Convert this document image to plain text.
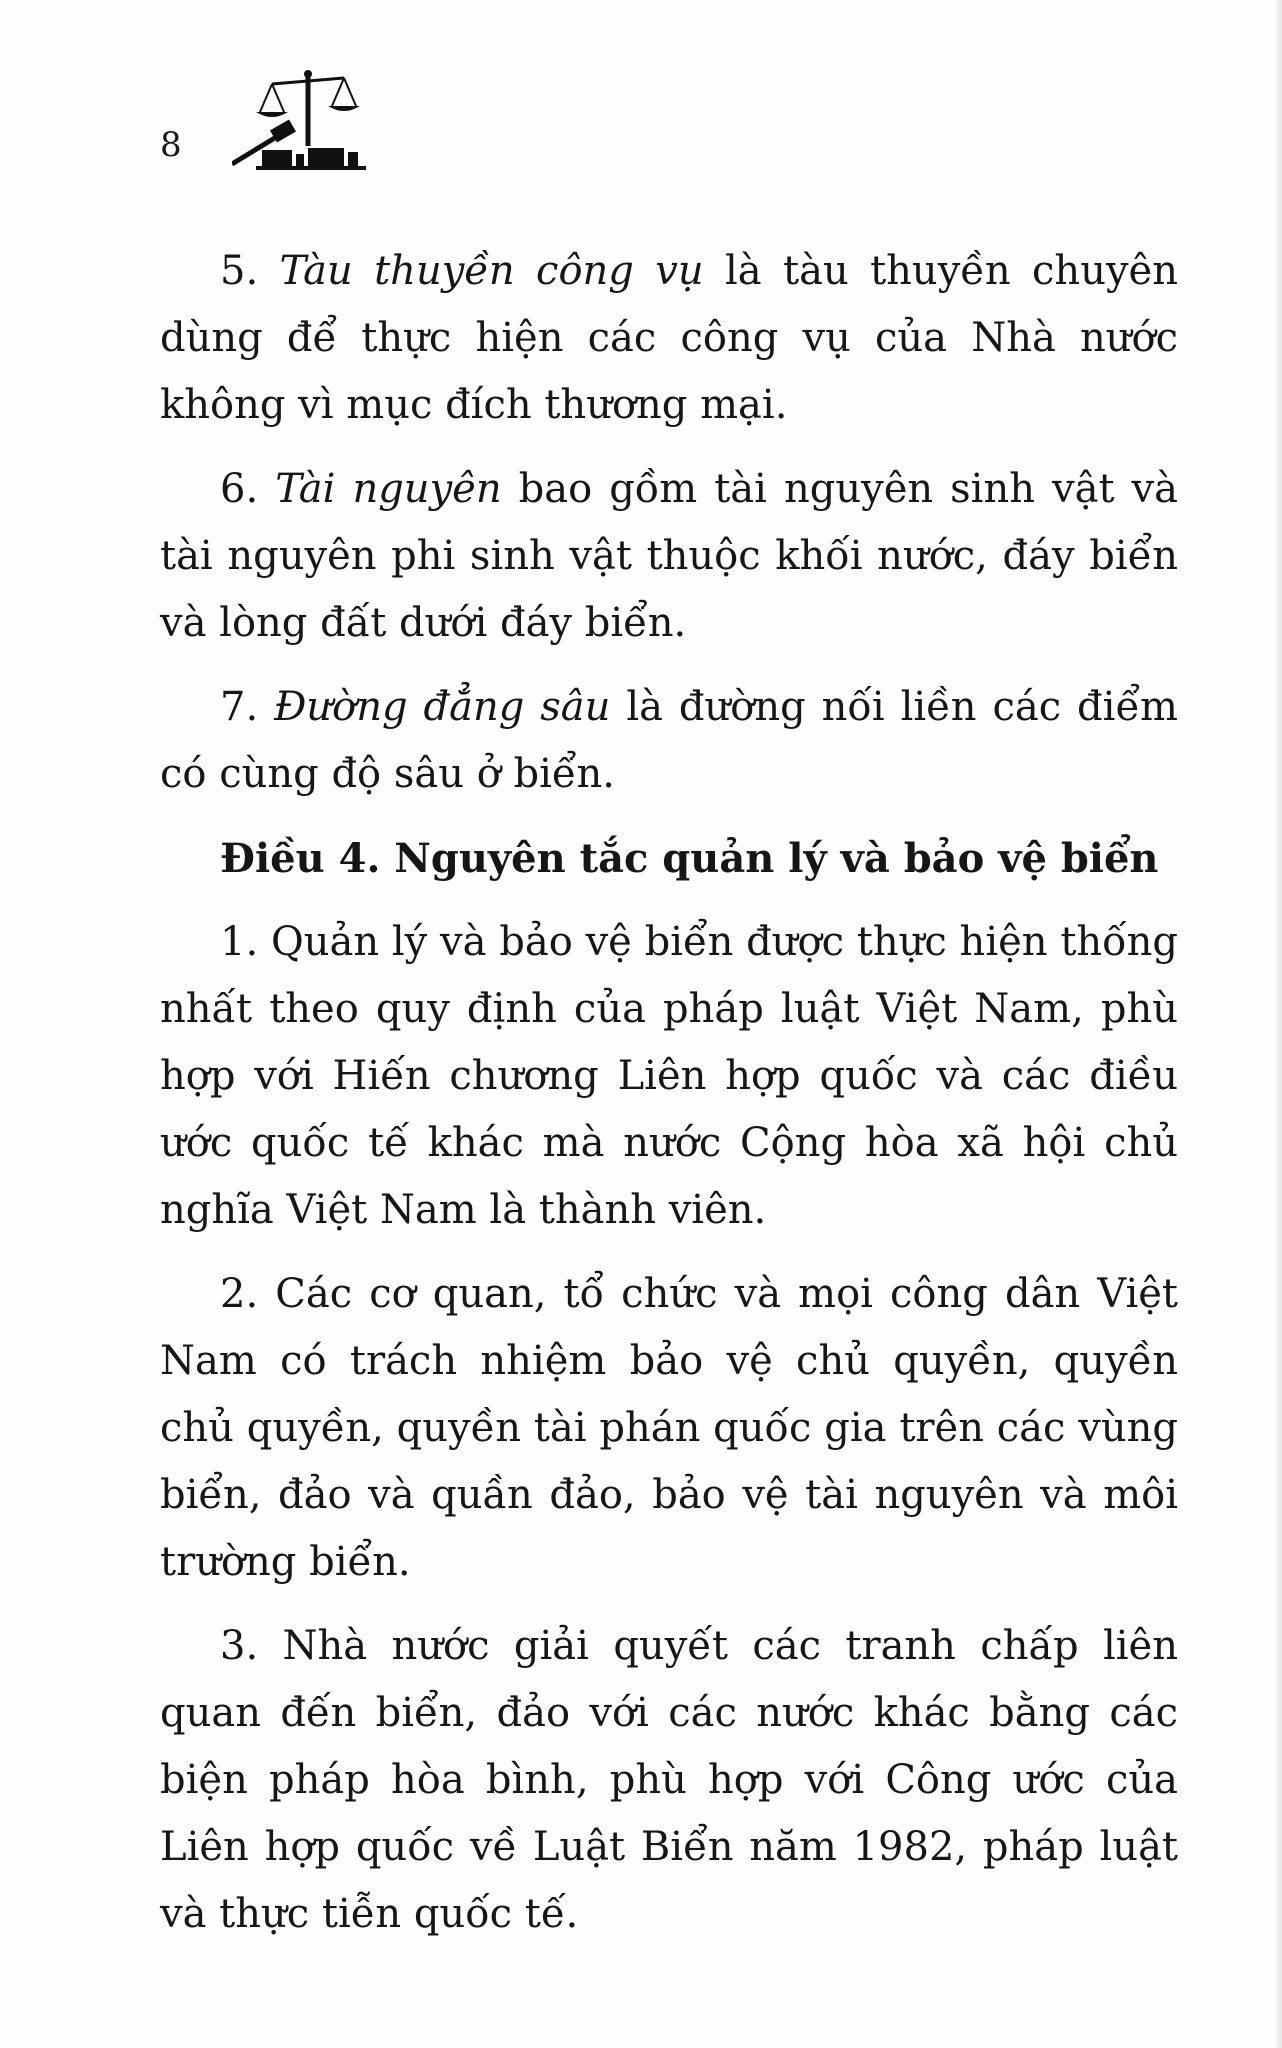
8

5. Tàu thuyền công vụ là tàu thuyền chuyên dùng để thực hiện các công vụ của Nhà nước không vì mục đích thương mại.

6. Tài nguyên bao gồm tài nguyên sinh vật và tài nguyên phi sinh vật thuộc khối nước, đáy biển và lòng đất dưới đáy biển.

7. Đường đẳng sâu là đường nối liền các điểm có cùng độ sâu ở biển.

Điều 4. Nguyên tắc quản lý và bảo vệ biển

1. Quản lý và bảo vệ biển được thực hiện thống nhất theo quy định của pháp luật Việt Nam, phù hợp với Hiến chương Liên hợp quốc và các điều ước quốc tế khác mà nước Cộng hòa xã hội chủ nghĩa Việt Nam là thành viên.

2. Các cơ quan, tổ chức và mọi công dân Việt Nam có trách nhiệm bảo vệ chủ quyền, quyền chủ quyền, quyền tài phán quốc gia trên các vùng biển, đảo và quần đảo, bảo vệ tài nguyên và môi trường biển.

3. Nhà nước giải quyết các tranh chấp liên quan đến biển, đảo với các nước khác bằng các biện pháp hòa bình, phù hợp với Công ước của Liên hợp quốc về Luật Biển năm 1982, pháp luật và thực tiễn quốc tế.
